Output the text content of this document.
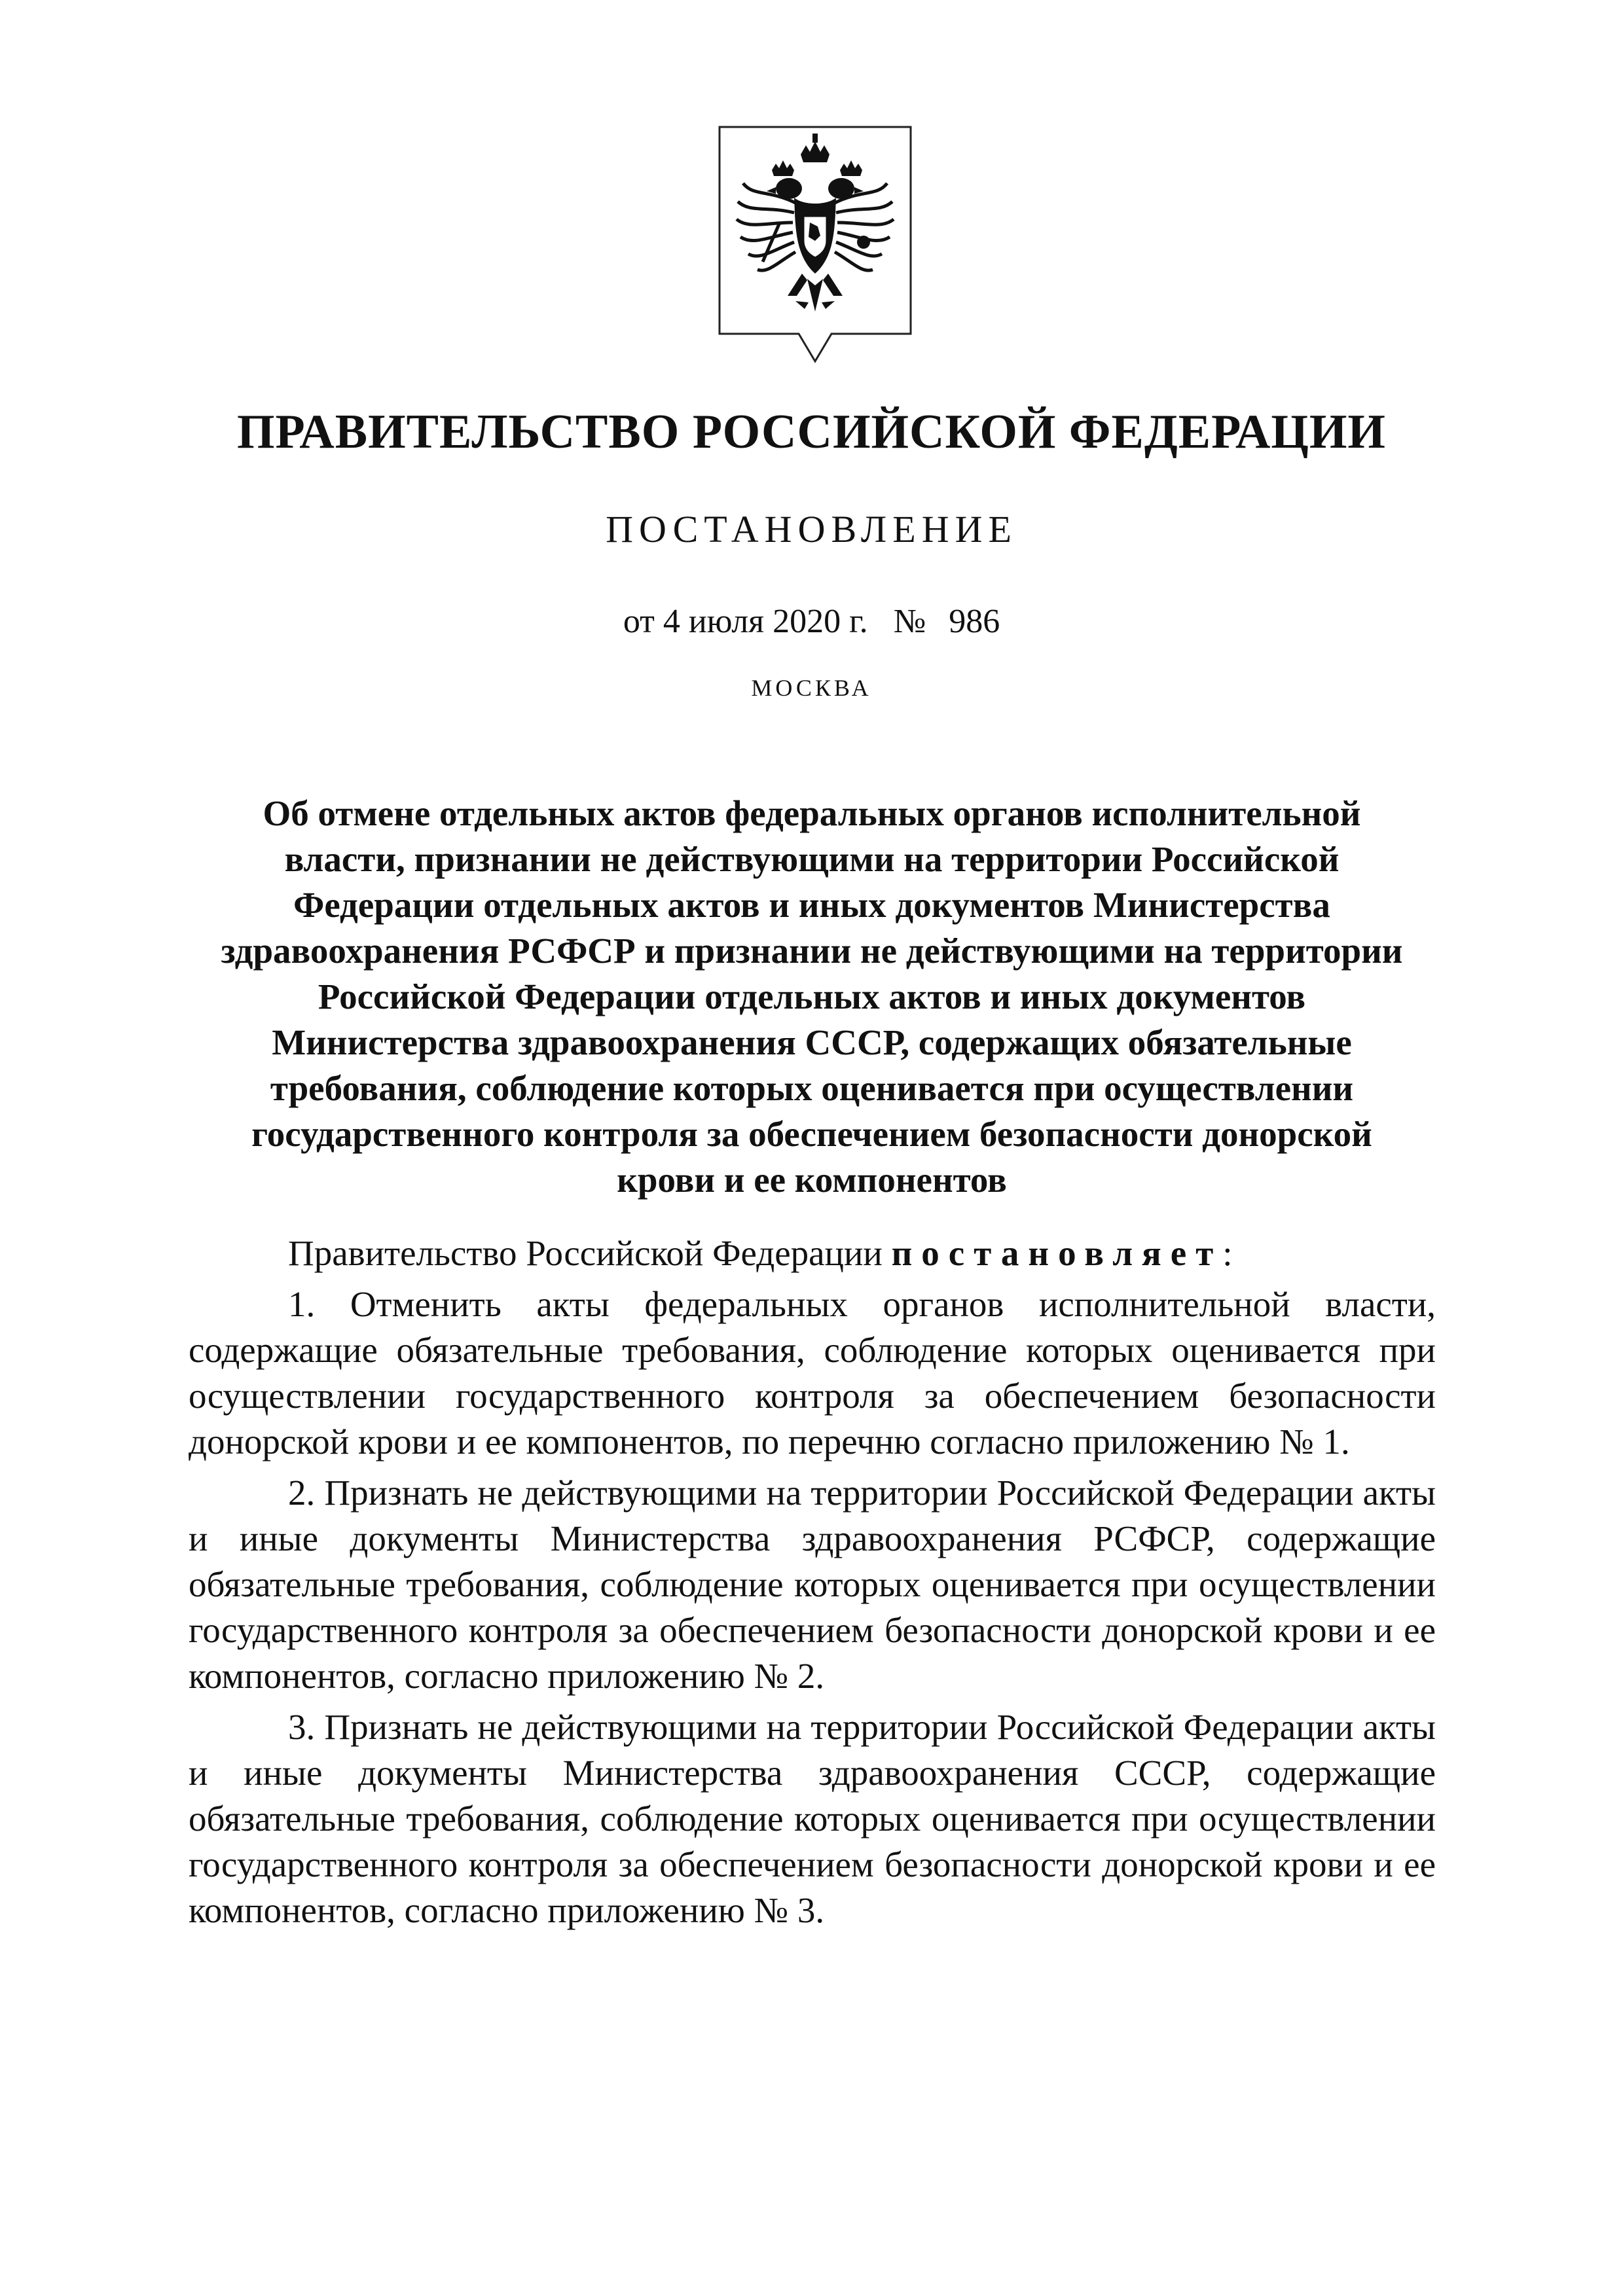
ПРАВИТЕЛЬСТВО РОССИЙСКОЙ ФЕДЕРАЦИИ
ПОСТАНОВЛЕНИЕ
от 4 июля 2020 г. № 986
МОСКВА
Об отмене отдельных актов федеральных органов исполнительной власти, признании не действующими на территории Российской Федерации отдельных актов и иных документов Министерства здравоохранения РСФСР и признании не действующими на территории Российской Федерации отдельных актов и иных документов Министерства здравоохранения СССР, содержащих обязательные требования, соблюдение которых оценивается при осуществлении государственного контроля за обеспечением безопасности донорской крови и ее компонентов

Правительство Российской Федерации постановляет:

1. Отменить акты федеральных органов исполнительной власти, содержащие обязательные требования, соблюдение которых оценивается при осуществлении государственного контроля за обеспечением безопасности донорской крови и ее компонентов, по перечню согласно приложению № 1.

2. Признать не действующими на территории Российской Федерации акты и иные документы Министерства здравоохранения РСФСР, содержащие обязательные требования, соблюдение которых оценивается при осуществлении государственного контроля за обеспечением безопасности донорской крови и ее компонентов, согласно приложению № 2.

3. Признать не действующими на территории Российской Федерации акты и иные документы Министерства здравоохранения СССР, содержащие обязательные требования, соблюдение которых оценивается при осуществлении государственного контроля за обеспечением безопасности донорской крови и ее компонентов, согласно приложению № 3.
